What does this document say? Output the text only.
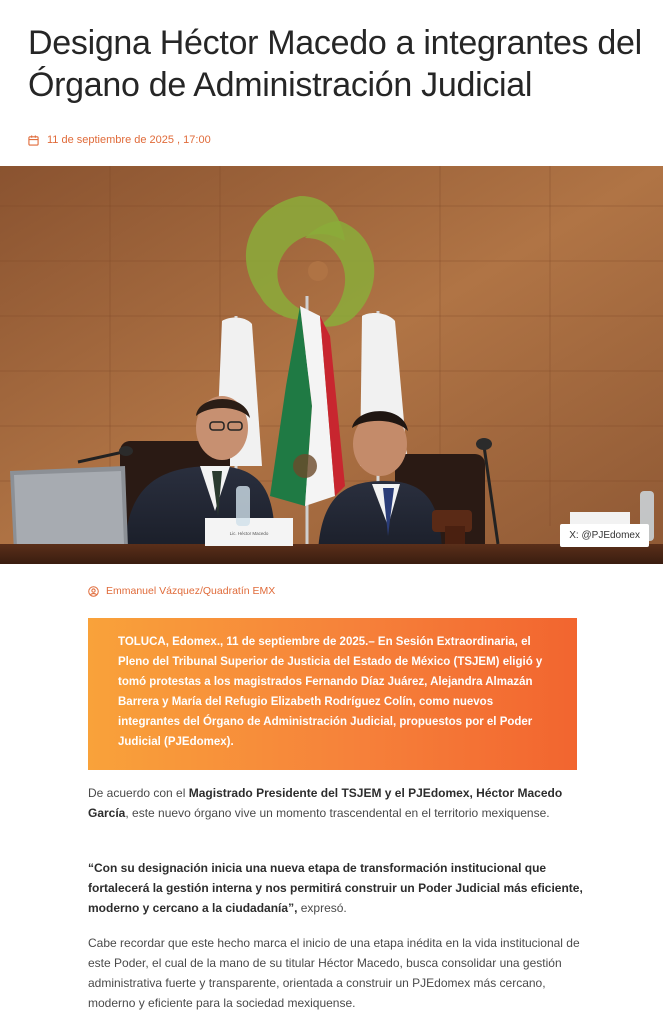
Designa Héctor Macedo a integrantes del Órgano de Administración Judicial
11 de septiembre de 2025 , 17:00
Lic. Héctor Macedo	X: @PJEdomex
Emmanuel Vázquez/Quadratín EMX
TOLUCA, Edomex., 11 de septiembre de 2025.– En Sesión Extraordinaria, el Pleno del Tribunal Superior de Justicia del Estado de México (TSJEM) eligió y tomó protestas a los magistrados Fernando Díaz Juárez, Alejandra Almazán Barrera y María del Refugio Elizabeth Rodríguez Colín, como nuevos integrantes del Órgano de Administración Judicial, propuestos por el Poder Judicial (PJEdomex).

De acuerdo con el Magistrado Presidente del TSJEM y el PJEdomex, Héctor Macedo García, este nuevo órgano vive un momento trascendental en el territorio mexiquense.

“Con su designación inicia una nueva etapa de transformación institucional que fortalecerá la gestión interna y nos permitirá construir un Poder Judicial más eficiente, moderno y cercano a la ciudadanía”, expresó.

Cabe recordar que este hecho marca el inicio de una etapa inédita en la vida institucional de este Poder, el cual de la mano de su titular Héctor Macedo, busca consolidar una gestión administrativa fuerte y transparente, orientada a construir un PJEdomex más cercano, moderno y eficiente para la sociedad mexiquense.
